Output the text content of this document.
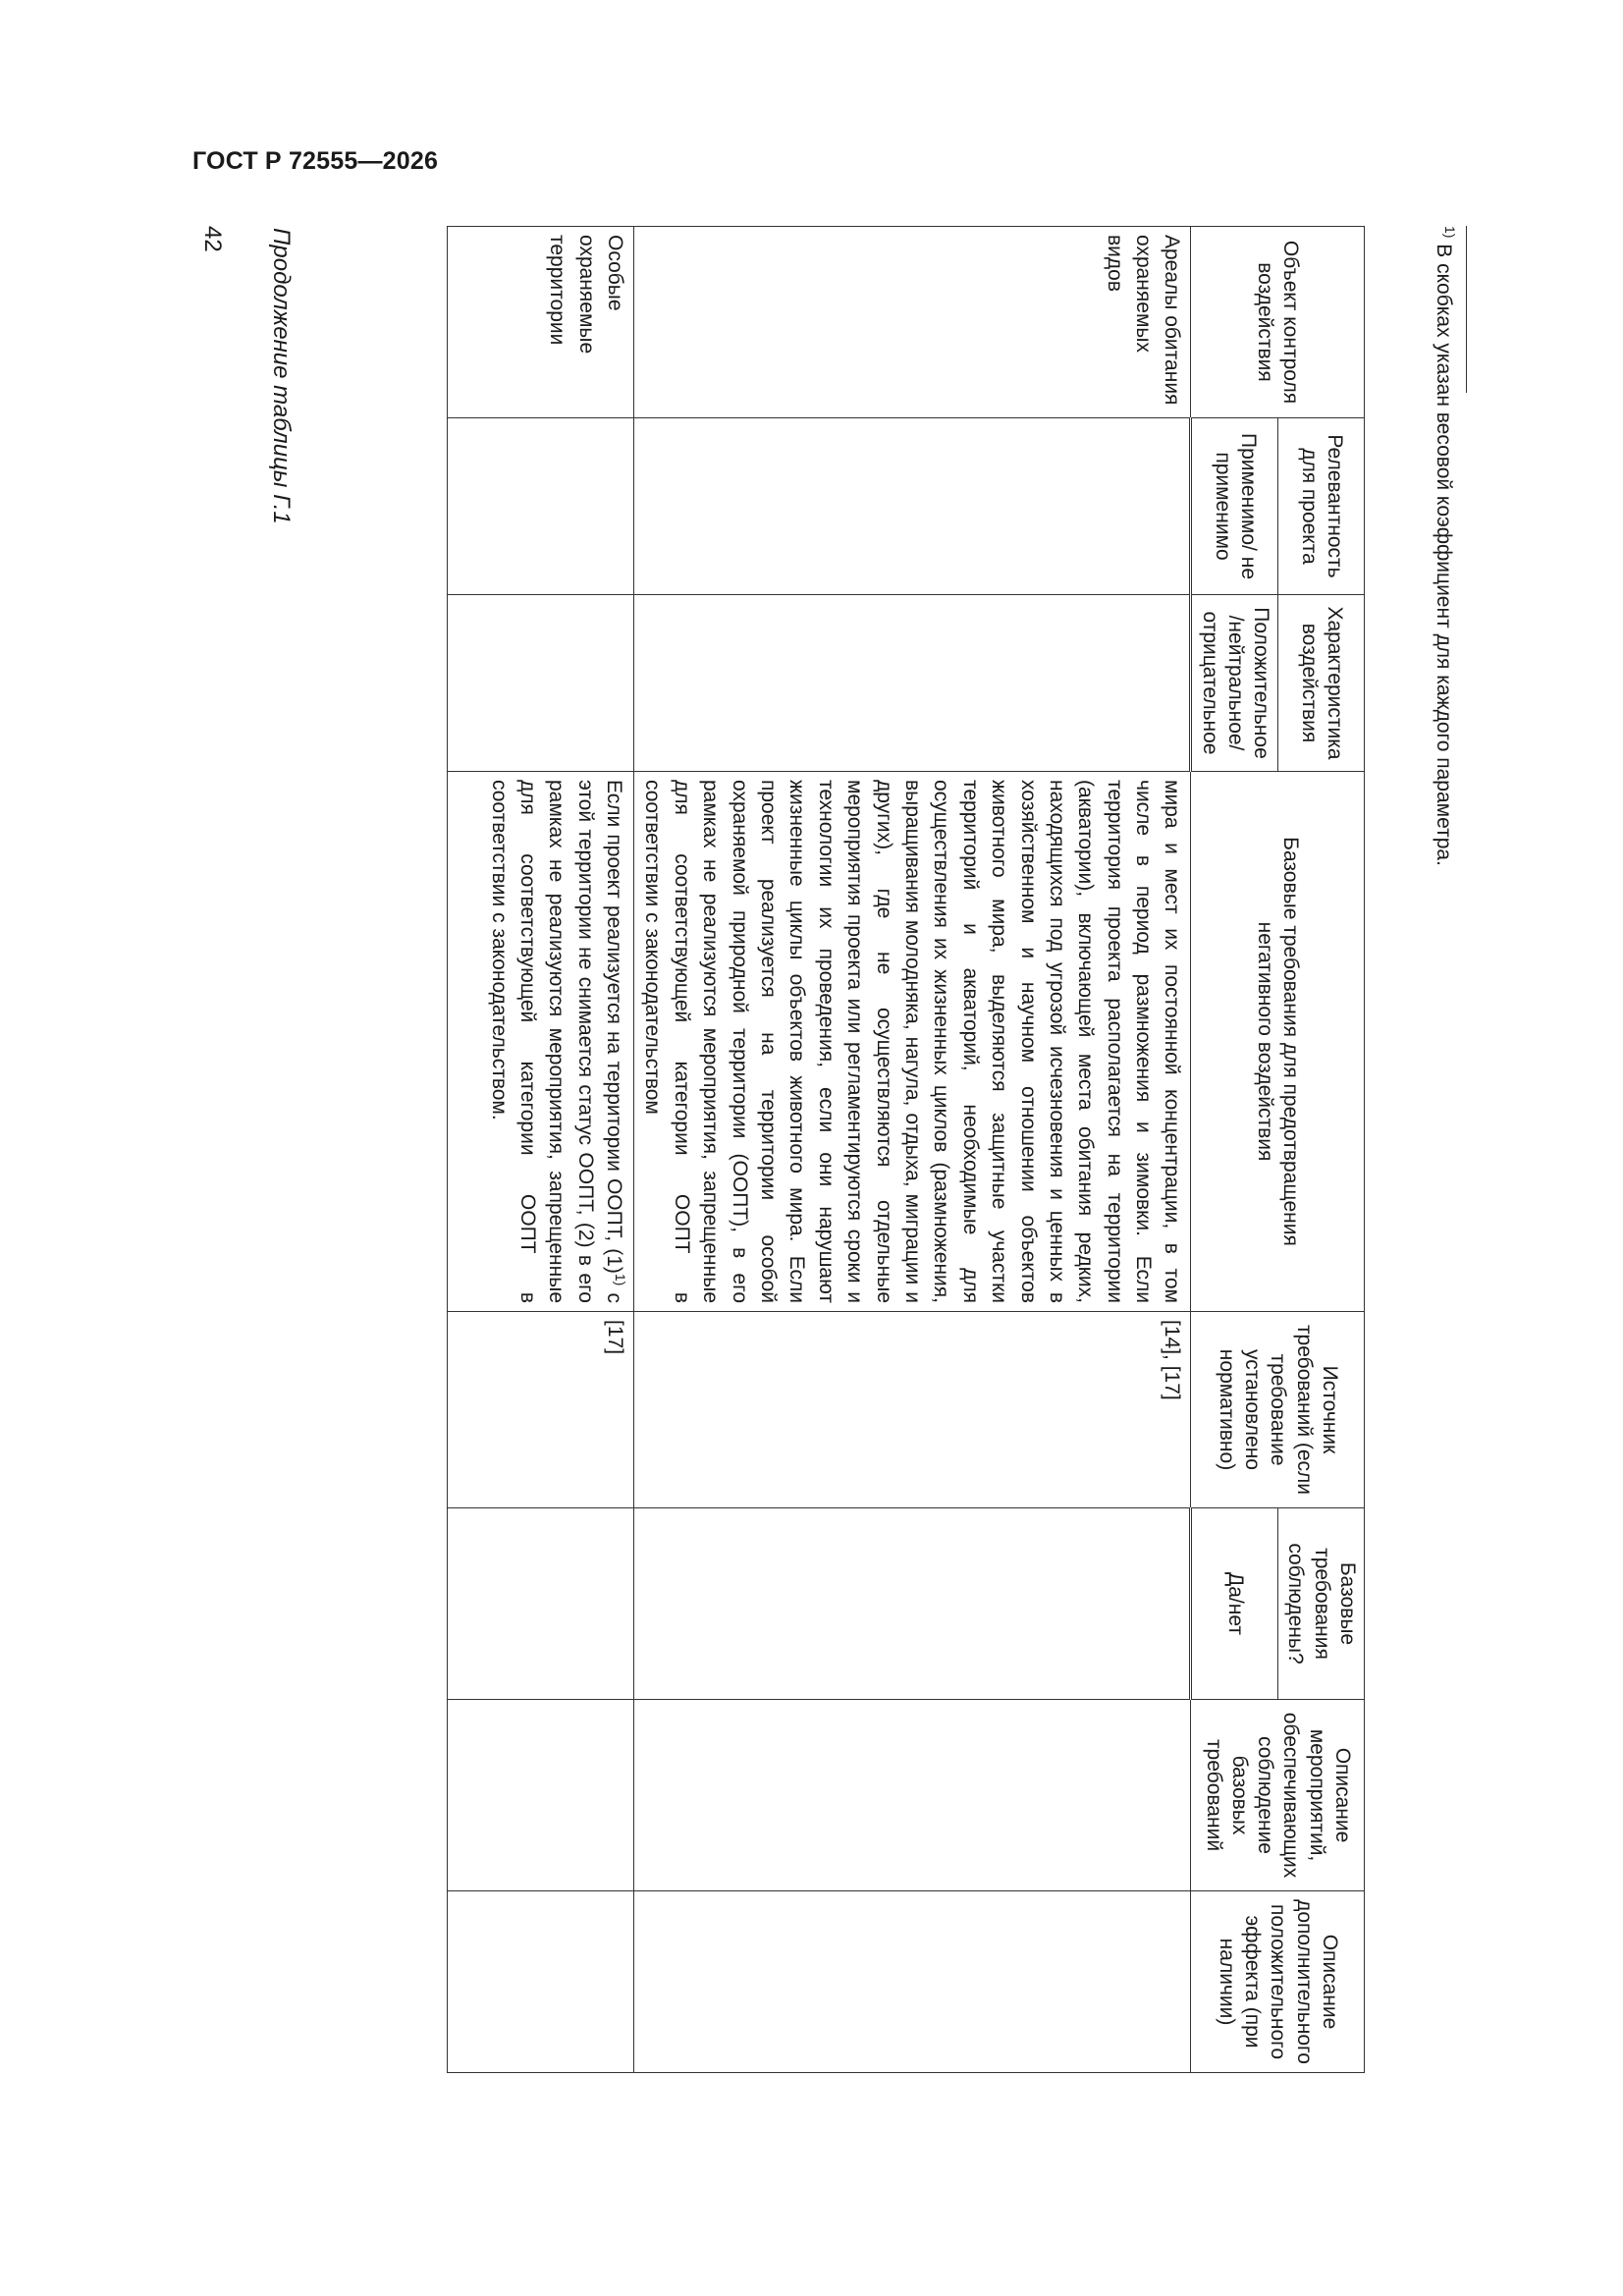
ГОСТ Р 72555—2026
$^{1)}$ В скобках указан весовой коэффициент для каждого параметра.
Объект контроля воздействия	Релевантность для проекта	Характеристика воздействия	Базовые требования для предотвращения негативного воздействия	Источник требований (если требование установлено нормативно)	Базовые требования соблюдены?	Описание мероприятий, обеспечивающих соблюдение базовых требований	Описание дополнительного положительного эффекта (при наличии)
	Применимо/ не применимо	Положительное /нейтральное/ отрицательное			Да/нет		
Ареалы обитания охраняемых видов			мира и мест их постоянной концентрации, в том числе в период размножения и зимовки. Если территория проекта располагается на территории (акватории), включающей места обитания редких, находящихся под угрозой исчезновения и ценных в хозяйственном и научном отношении объектов животного мира, выделяются защитные участки территорий и акваторий, необходимые для осуществления их жизненных циклов (размножения, выращивания молодняка, нагула, отдыха, миграции и других), где не осуществляются отдельные мероприятия проекта или регламентируются сроки и технологии их проведения, если они нарушают жизненные циклы объектов животного мира. Если проект реализуется на территории особой охраняемой природной территории (ООПТ), в его рамках не реализуются мероприятия, запрещенные для соответствующей категории ООПТ в соответствии с законодательством	[14], [17]			
Особые охраняемые территории			Если проект реализуется на территории ООПТ, $(1)^{1)}$ с этой территории не снимается статус ООПТ, (2) в его рамках не реализуются мероприятия, запрещенные для соответствующей категории ООПТ в соответствии с законодательством.	[17]			
Продолжение таблицы Г.1
42
